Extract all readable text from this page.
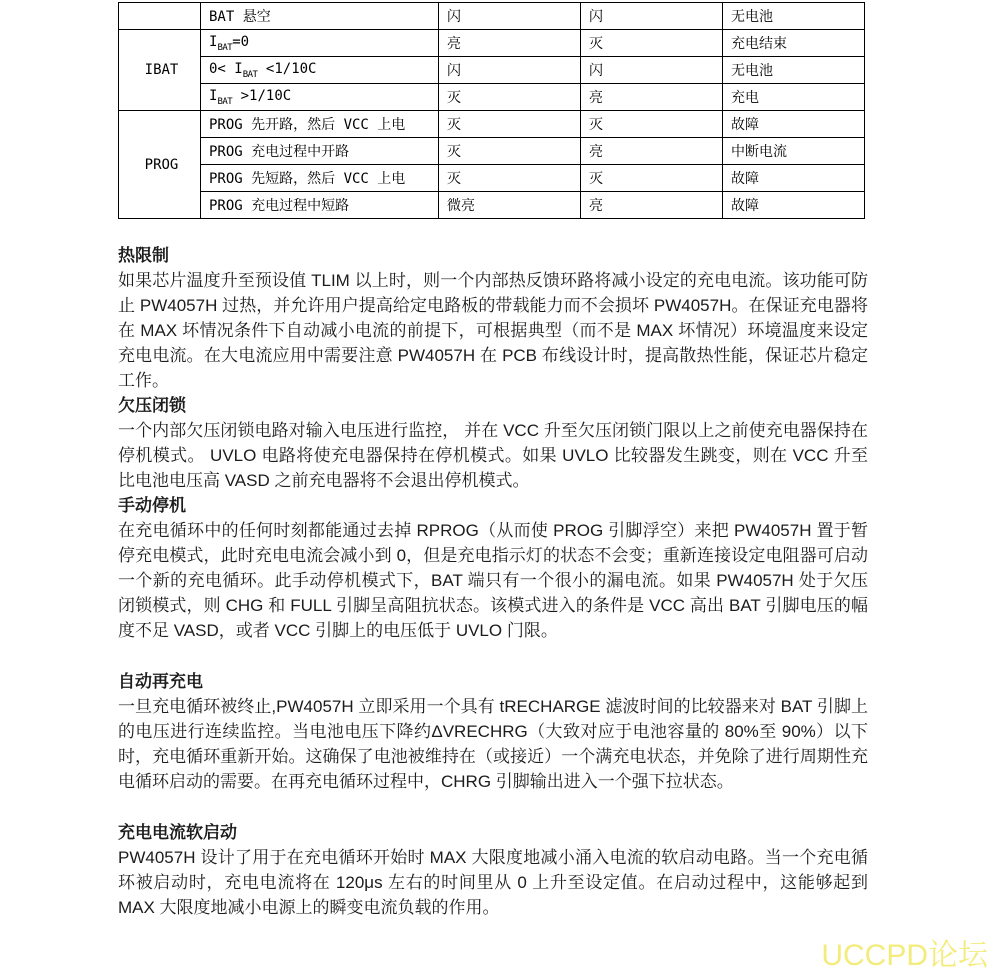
	BAT 悬空	闪	闪	无电池
IBAT	$I_{BAT}=0$	亮	灭	充电结束
	$0< I_{BAT} <1/10C$	闪	闪	无电池
	$I_{BAT} >1/10C$	灭	亮	充电
PROG	PROG 先开路，然后 VCC 上电	灭	灭	故障
	PROG 充电过程中开路	灭	亮	中断电流
	PROG 先短路，然后 VCC 上电	灭	灭	故障
	PROG 充电过程中短路	微亮	亮	故障
热限制

如果芯片温度升至预设值 TLIM 以上时，则一个内部热反馈环路将减小设定的充电电流。该功能可防止 PW4057H 过热，并允许用户提高给定电路板的带载能力而不会损坏 PW4057H。在保证充电器将在 MAX 坏情况条件下自动减小电流的前提下，可根据典型（而不是 MAX 坏情况）环境温度来设定充电电流。在大电流应用中需要注意 PW4057H 在 PCB 布线设计时，提高散热性能，保证芯片稳定工作。

欠压闭锁

一个内部欠压闭锁电路对输入电压进行监控， 并在 VCC 升至欠压闭锁门限以上之前使充电器保持在停机模式。 UVLO 电路将使充电器保持在停机模式。如果 UVLO 比较器发生跳变，则在 VCC 升至比电池电压高 VASD 之前充电器将不会退出停机模式。

手动停机

在充电循环中的任何时刻都能通过去掉 RPROG（从而使 PROG 引脚浮空）来把 PW4057H 置于暂停充电模式，此时充电电流会减小到 0，但是充电指示灯的状态不会变；重新连接设定电阻器可启动一个新的充电循环。此手动停机模式下，BAT 端只有一个很小的漏电流。如果 PW4057H 处于欠压闭锁模式，则 CHG 和 FULL 引脚呈高阻抗状态。该模式进入的条件是 VCC 高出 BAT 引脚电压的幅度不足 VASD，或者 VCC 引脚上的电压低于 UVLO 门限。

自动再充电

一旦充电循环被终止,PW4057H 立即采用一个具有 tRECHARGE 滤波时间的比较器来对 BAT 引脚上的电压进行连续监控。当电池电压下降约ΔVRECHRG（大致对应于电池容量的 80%至 90%）以下时，充电循环重新开始。这确保了电池被维持在（或接近）一个满充电状态，并免除了进行周期性充电循环启动的需要。在再充电循环过程中，CHRG 引脚输出进入一个强下拉状态。

充电电流软启动

PW4057H 设计了用于在充电循环开始时 MAX 大限度地减小涌入电流的软启动电路。当一个充电循环被启动时，充电电流将在 120μs 左右的时间里从 0 上升至设定值。在启动过程中，这能够起到 MAX 大限度地减小电源上的瞬变电流负载的作用。

UCCPD论坛
